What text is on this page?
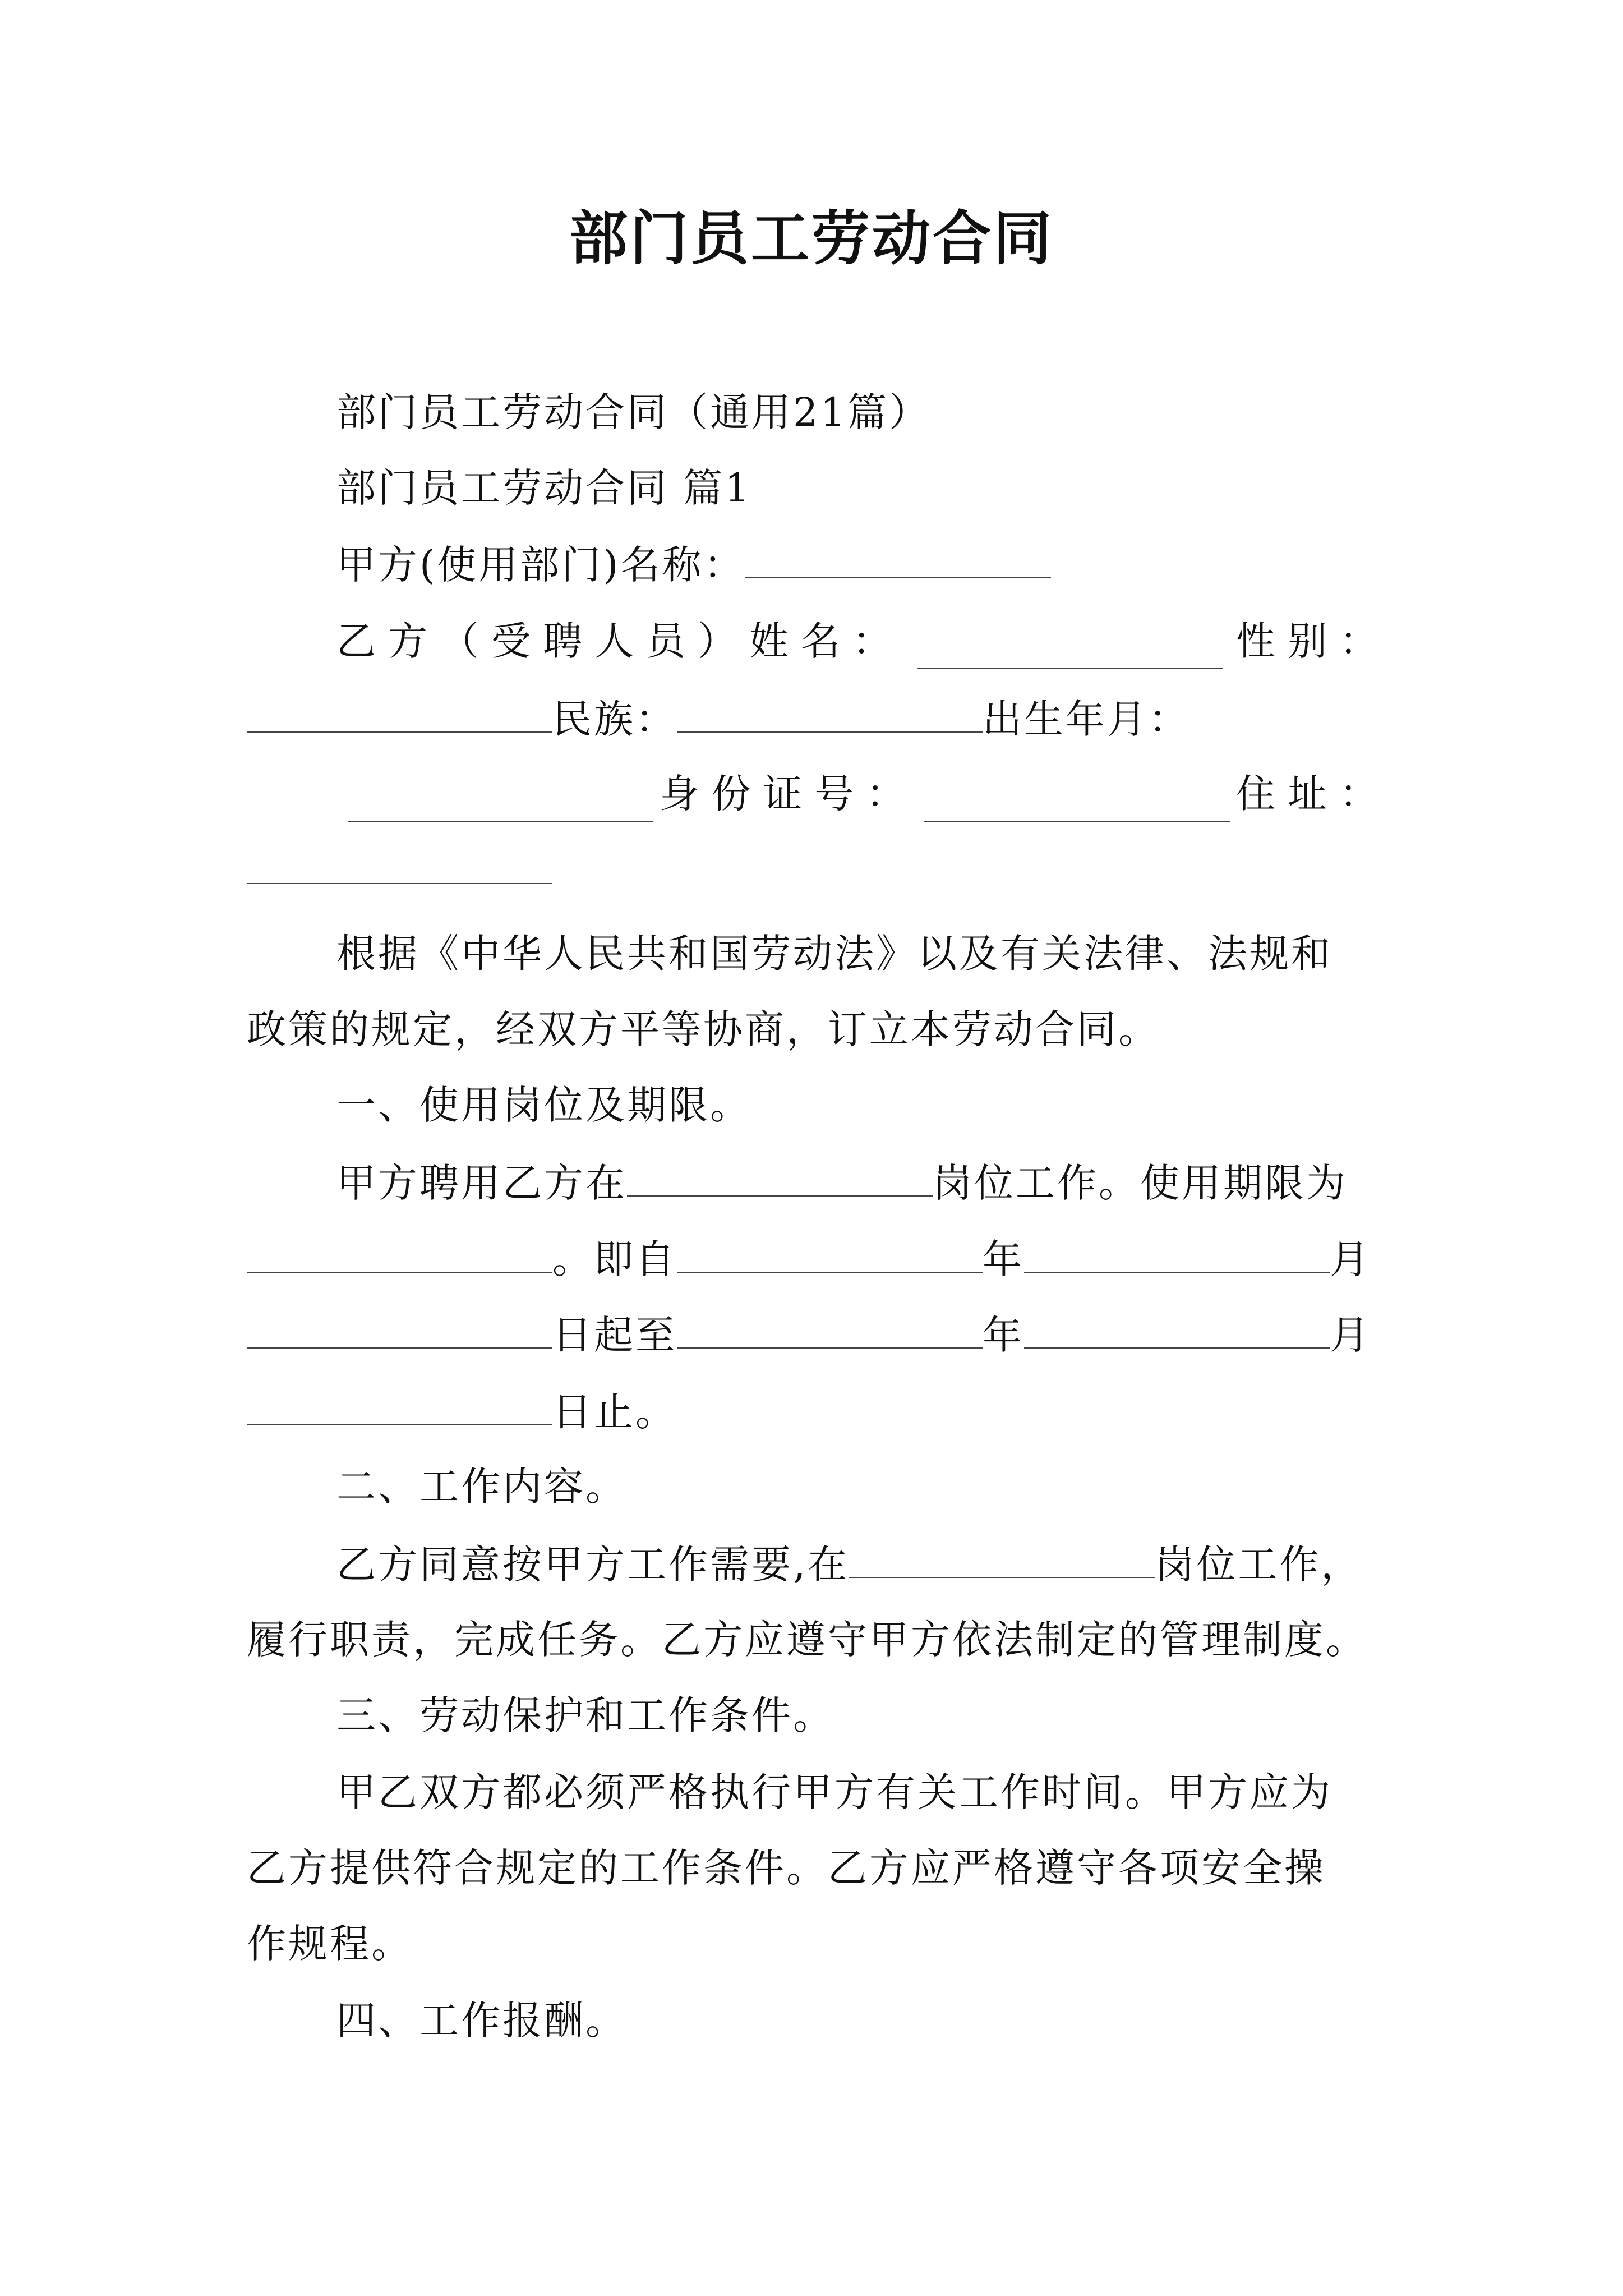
部门员工劳动合同
部门员工劳动合同（通用21篇）
部门员工劳动合同 篇1
甲方(使用部门)名称：
乙方（受聘人员）姓名：	性别：
民族：	出生年月：
身份证号：	住址：
根据《中华人民共和国劳动法》以及有关法律、法规和
政策的规定，经双方平等协商，订立本劳动合同。
一、使用岗位及期限。
甲方聘用乙方在	岗位工作。使用期限为
。即自	年	月
日起至	年	月
日止。
二、工作内容。
乙方同意按甲方工作需要,在	岗位工作，
履行职责，完成任务。乙方应遵守甲方依法制定的管理制度。
三、劳动保护和工作条件。
甲乙双方都必须严格执行甲方有关工作时间。甲方应为
乙方提供符合规定的工作条件。乙方应严格遵守各项安全操
作规程。
四、工作报酬。
